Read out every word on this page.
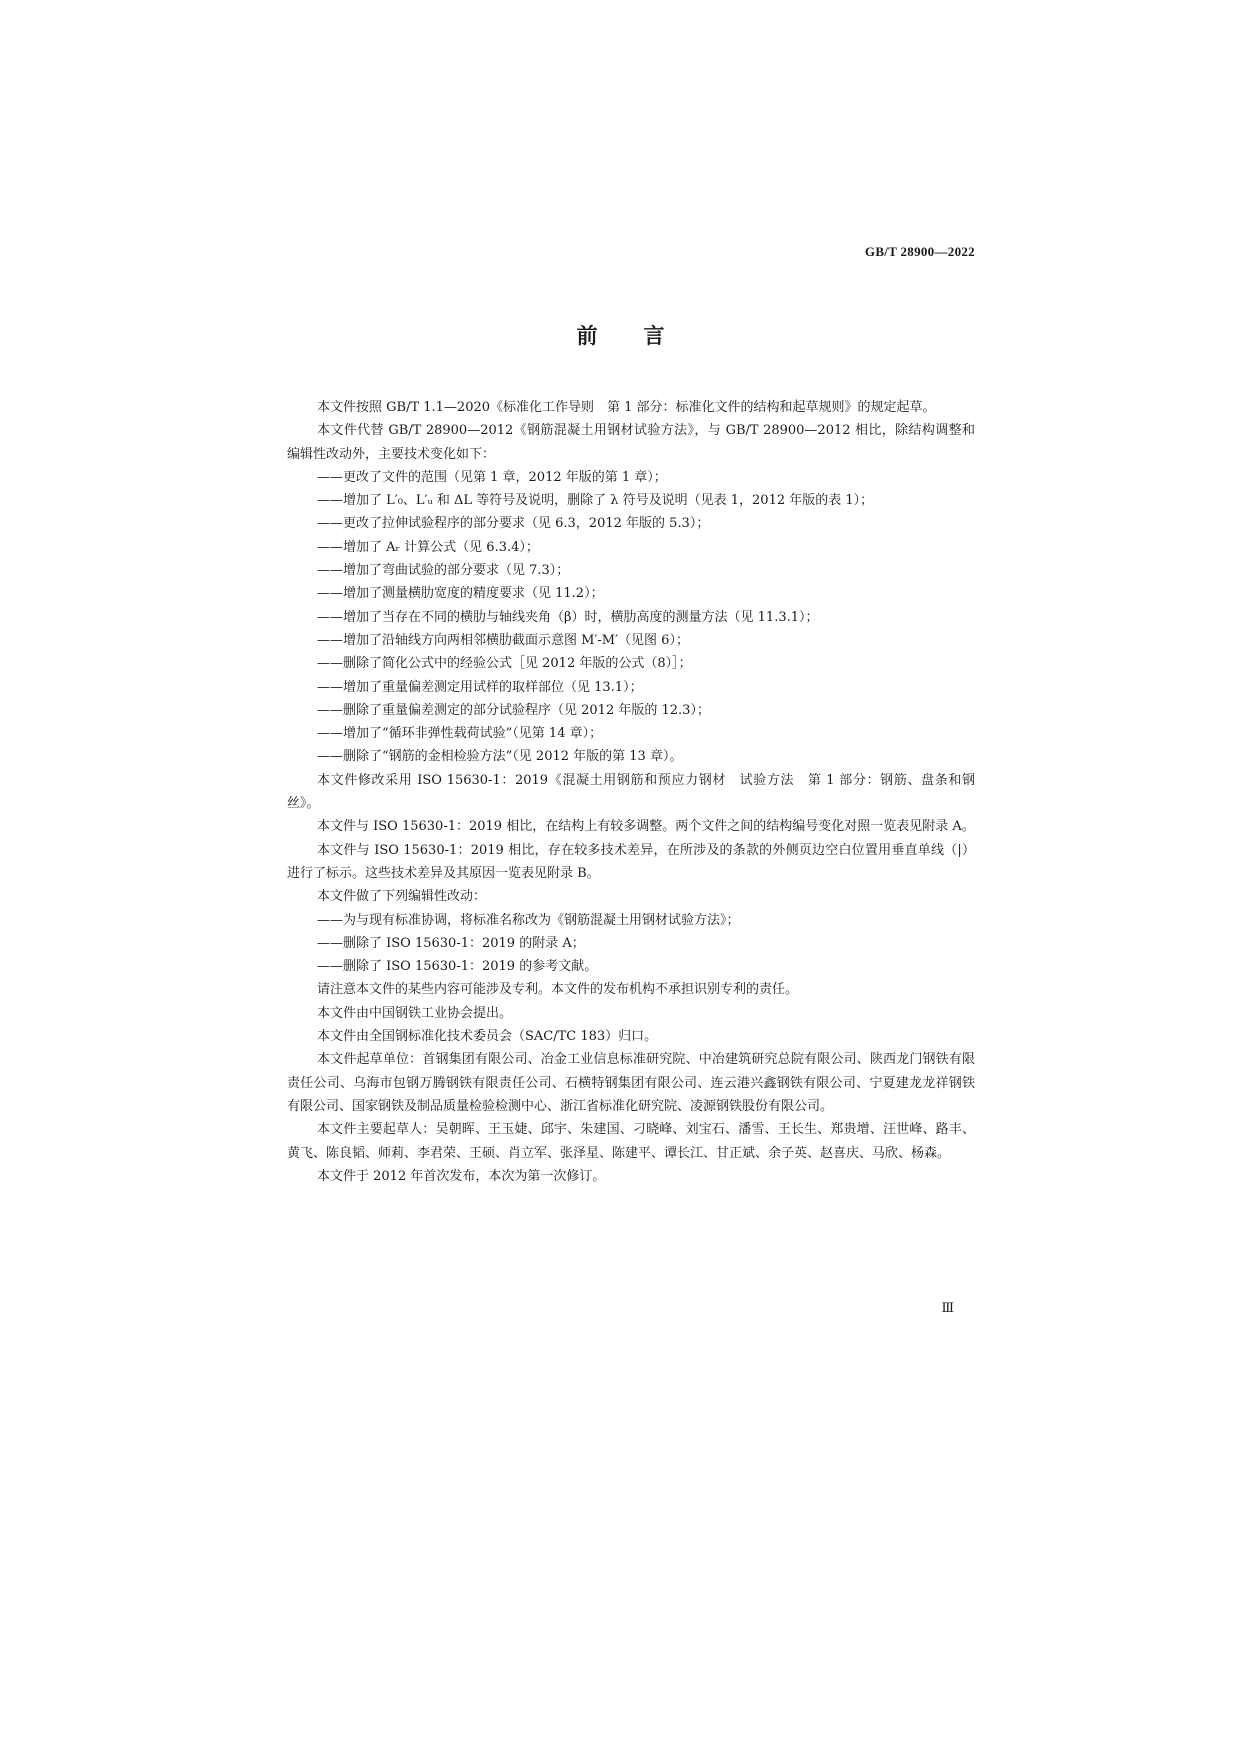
GB/T 28900—2022
前言

本文件按照 GB/T 1.1—2020《标准化工作导则　第 1 部分：标准化文件的结构和起草规则》的规定起草。

本文件代替 GB/T 28900—2012《钢筋混凝土用钢材试验方法》，与 GB/T 28900—2012 相比，除结构调整和编辑性改动外，主要技术变化如下：

——更改了文件的范围（见第 1 章，2012 年版的第 1 章）；

——增加了 L′₀、L′ᵤ 和 ΔL 等符号及说明，删除了 λ 符号及说明（见表 1，2012 年版的表 1）；

——更改了拉伸试验程序的部分要求（见 6.3，2012 年版的 5.3）；

——增加了 Aᵣ 计算公式（见 6.3.4）；

——增加了弯曲试验的部分要求（见 7.3）；

——增加了测量横肋宽度的精度要求（见 11.2）；

——增加了当存在不同的横肋与轴线夹角（β）时，横肋高度的测量方法（见 11.3.1）；

——增加了沿轴线方向两相邻横肋截面示意图 M′-M′（见图 6）；

——删除了简化公式中的经验公式［见 2012 年版的公式（8）］；

——增加了重量偏差测定用试样的取样部位（见 13.1）；

——删除了重量偏差测定的部分试验程序（见 2012 年版的 12.3）；

——增加了“循环非弹性载荷试验”（见第 14 章）；

——删除了“钢筋的金相检验方法”（见 2012 年版的第 13 章）。

本文件修改采用 ISO 15630-1：2019《混凝土用钢筋和预应力钢材　试验方法　第 1 部分：钢筋、盘条和钢丝》。

本文件与 ISO 15630-1：2019 相比，在结构上有较多调整。两个文件之间的结构编号变化对照一览表见附录 A。

本文件与 ISO 15630-1：2019 相比，存在较多技术差异，在所涉及的条款的外侧页边空白位置用垂直单线（|）进行了标示。这些技术差异及其原因一览表见附录 B。

本文件做了下列编辑性改动：

——为与现有标准协调，将标准名称改为《钢筋混凝土用钢材试验方法》；

——删除了 ISO 15630-1：2019 的附录 A；

——删除了 ISO 15630-1：2019 的参考文献。

请注意本文件的某些内容可能涉及专利。本文件的发布机构不承担识别专利的责任。

本文件由中国钢铁工业协会提出。

本文件由全国钢标准化技术委员会（SAC/TC 183）归口。

本文件起草单位：首钢集团有限公司、冶金工业信息标准研究院、中冶建筑研究总院有限公司、陕西龙门钢铁有限责任公司、乌海市包钢万腾钢铁有限责任公司、石横特钢集团有限公司、连云港兴鑫钢铁有限公司、宁夏建龙龙祥钢铁有限公司、国家钢铁及制品质量检验检测中心、浙江省标准化研究院、凌源钢铁股份有限公司。

本文件主要起草人：吴朝晖、王玉婕、邱宇、朱建国、刁晓峰、刘宝石、潘雪、王长生、郑贵增、汪世峰、路丰、黄飞、陈良韬、师莉、李君荣、王硕、肖立军、张泽星、陈建平、谭长江、甘正斌、余子英、赵喜庆、马欣、杨森。

本文件于 2012 年首次发布，本次为第一次修订。

Ⅲ
